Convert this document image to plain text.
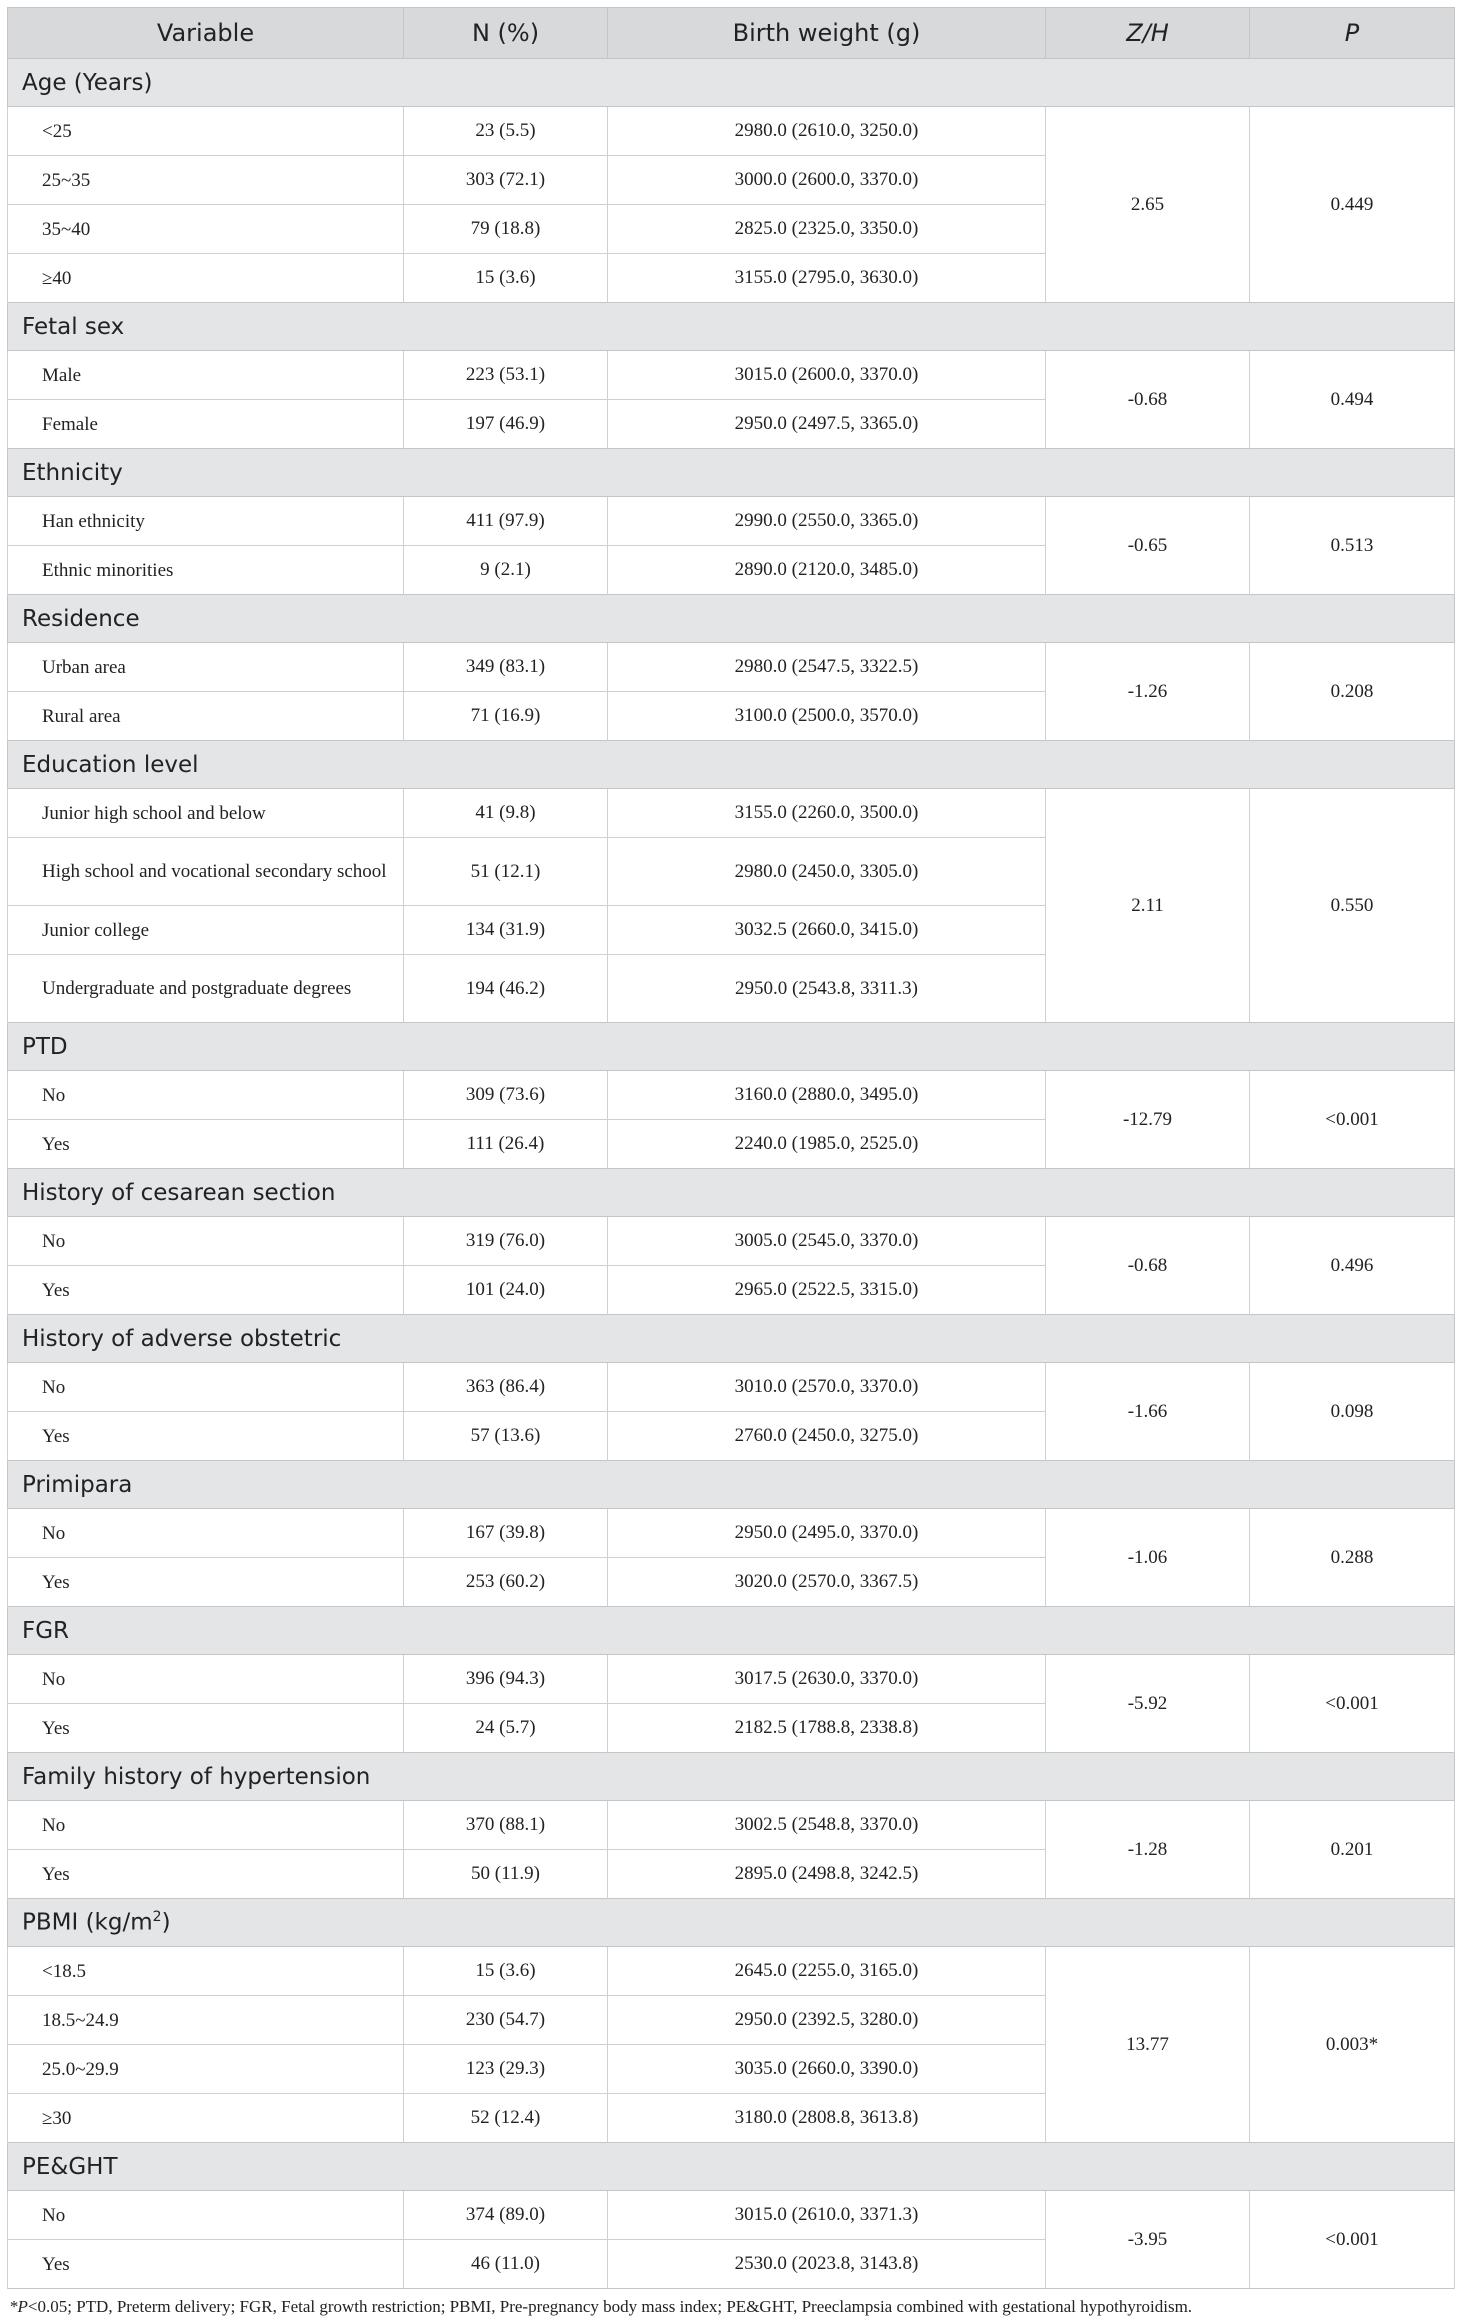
Variable	N (%)	Birth weight (g)	Z/H	P
Age (Years)				
<25	23 (5.5)	2980.0 (2610.0, 3250.0)	2.65	0.449
25~35	303 (72.1)	3000.0 (2600.0, 3370.0)		
35~40	79 (18.8)	2825.0 (2325.0, 3350.0)		
≥40	15 (3.6)	3155.0 (2795.0, 3630.0)		
Fetal sex				
Male	223 (53.1)	3015.0 (2600.0, 3370.0)	-0.68	0.494
Female	197 (46.9)	2950.0 (2497.5, 3365.0)		
Ethnicity				
Han ethnicity	411 (97.9)	2990.0 (2550.0, 3365.0)	-0.65	0.513
Ethnic minorities	9 (2.1)	2890.0 (2120.0, 3485.0)		
Residence				
Urban area	349 (83.1)	2980.0 (2547.5, 3322.5)	-1.26	0.208
Rural area	71 (16.9)	3100.0 (2500.0, 3570.0)		
Education level				
Junior high school and below	41 (9.8)	3155.0 (2260.0, 3500.0)	2.11	0.550
High school and vocational secondary school	51 (12.1)	2980.0 (2450.0, 3305.0)		
Junior college	134 (31.9)	3032.5 (2660.0, 3415.0)		
Undergraduate and postgraduate degrees	194 (46.2)	2950.0 (2543.8, 3311.3)		
PTD				
No	309 (73.6)	3160.0 (2880.0, 3495.0)	-12.79	<0.001
Yes	111 (26.4)	2240.0 (1985.0, 2525.0)		
History of cesarean section				
No	319 (76.0)	3005.0 (2545.0, 3370.0)	-0.68	0.496
Yes	101 (24.0)	2965.0 (2522.5, 3315.0)		
History of adverse obstetric				
No	363 (86.4)	3010.0 (2570.0, 3370.0)	-1.66	0.098
Yes	57 (13.6)	2760.0 (2450.0, 3275.0)		
Primipara				
No	167 (39.8)	2950.0 (2495.0, 3370.0)	-1.06	0.288
Yes	253 (60.2)	3020.0 (2570.0, 3367.5)		
FGR				
No	396 (94.3)	3017.5 (2630.0, 3370.0)	-5.92	<0.001
Yes	24 (5.7)	2182.5 (1788.8, 2338.8)		
Family history of hypertension				
No	370 (88.1)	3002.5 (2548.8, 3370.0)	-1.28	0.201
Yes	50 (11.9)	2895.0 (2498.8, 3242.5)		
PBMI $(kg/m^2)$				
<18.5	15 (3.6)	2645.0 (2255.0, 3165.0)	13.77	0.003*
18.5~24.9	230 (54.7)	2950.0 (2392.5, 3280.0)		
25.0~29.9	123 (29.3)	3035.0 (2660.0, 3390.0)		
≥30	52 (12.4)	3180.0 (2808.8, 3613.8)		
PE&GHT				
No	374 (89.0)	3015.0 (2610.0, 3371.3)	-3.95	<0.001
Yes	46 (11.0)	2530.0 (2023.8, 3143.8)		
*P<0.05; PTD, Preterm delivery; FGR, Fetal growth restriction; PBMI, Pre-pregnancy body mass index; PE&GHT, Preeclampsia combined with gestational hypothyroidism.
